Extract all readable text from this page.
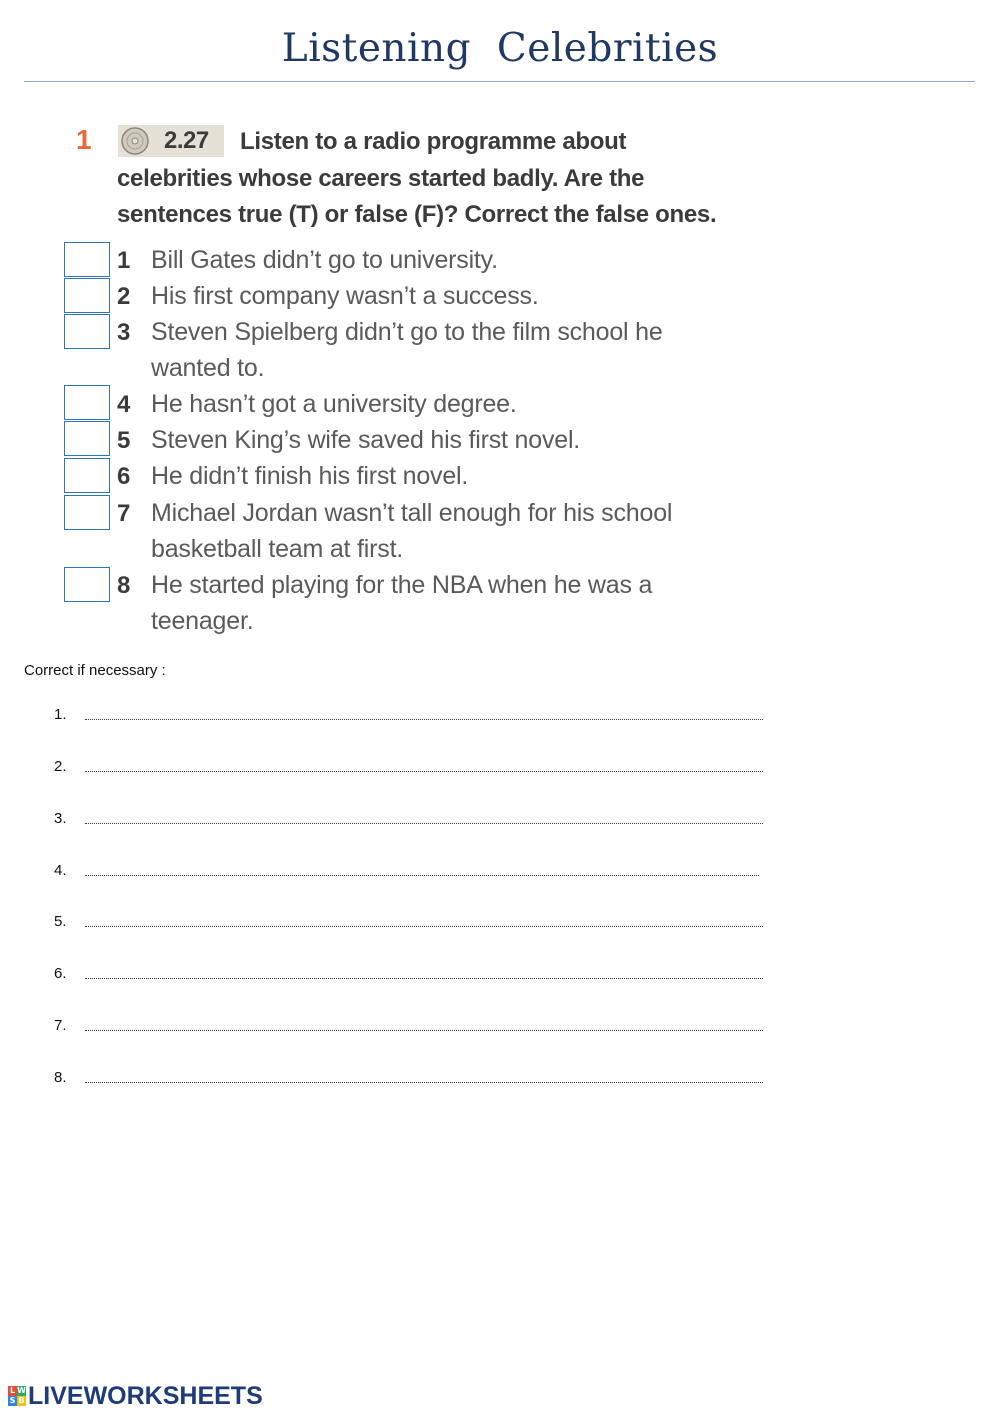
Listening  Celebrities
1	2.27 Listen to a radio programme about
celebrities whose careers started badly. Are the
sentences true (T) or false (F)? Correct the false ones.
1 Bill Gates didn’t go to university.
2 His first company wasn’t a success.
3 Steven Spielberg didn’t go to the film school he
wanted to.
4 He hasn’t got a university degree.
5 Steven King’s wife saved his first novel.
6 He didn’t finish his first novel.
7 Michael Jordan wasn’t tall enough for his school
basketball team at first.
8 He started playing for the NBA when he was a
teenager.
Correct if necessary :
1.
2.
3.
4.
5.
6.
7.
8.
L W
S B LIVEWORKSHEETS
